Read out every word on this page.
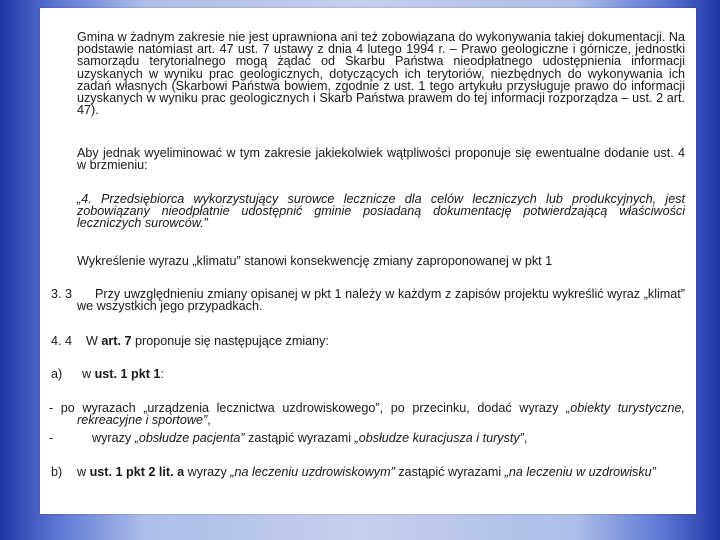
Gmina w żadnym zakresie nie jest uprawniona ani też zobowiązana do wykonywania takiej dokumentacji. Na podstawie natomiast art. 47 ust. 7 ustawy z dnia 4 lutego 1994 r. – Prawo geologiczne i górnicze, jednostki samorządu terytorialnego mogą żądać od Skarbu Państwa nieodpłatnego udostępnienia informacji uzyskanych w wyniku prac geologicznych, dotyczących ich terytoriów, niezbędnych do wykonywania ich zadań własnych (Skarbowi Państwa bowiem, zgodnie z ust. 1 tego artykułu przysługuje prawo do informacji uzyskanych w wyniku prac geologicznych i Skarb Państwa prawem do tej informacji rozporządza – ust. 2 art. 47).
Aby jednak wyeliminować w tym zakresie jakiekolwiek wątpliwości proponuje się ewentualne dodanie ust. 4 w brzmieniu:
„4. Przedsiębiorca wykorzystujący surowce lecznicze dla celów leczniczych lub produkcyjnych, jest zobowiązany nieodpłatnie udostępnić gminie posiadaną dokumentację potwierdzającą właściwości leczniczych surowców.”
Wykreślenie wyrazu „klimatu” stanowi konsekwencję zmiany zaproponowanej w pkt 1
3. 3	Przy uwzględnieniu zmiany opisanej w pkt 1 należy w każdym z zapisów projektu wykreślić wyraz „klimat” we wszystkich jego przypadkach.
4. 4	W art. 7 proponuje się następujące zmiany:
a)	w ust. 1 pkt 1:
- po wyrazach „urządzenia lecznictwa uzdrowiskowego”, po przecinku, dodać wyrazy „obiekty turystyczne, rekreacyjne i sportowe”,
-	wyrazy „obsłudze pacjenta” zastąpić wyrazami „obsłudze kuracjusza i turysty”,
b)	w ust. 1 pkt 2 lit. a wyrazy „na leczeniu uzdrowiskowym” zastąpić wyrazami „na leczeniu w uzdrowisku”
